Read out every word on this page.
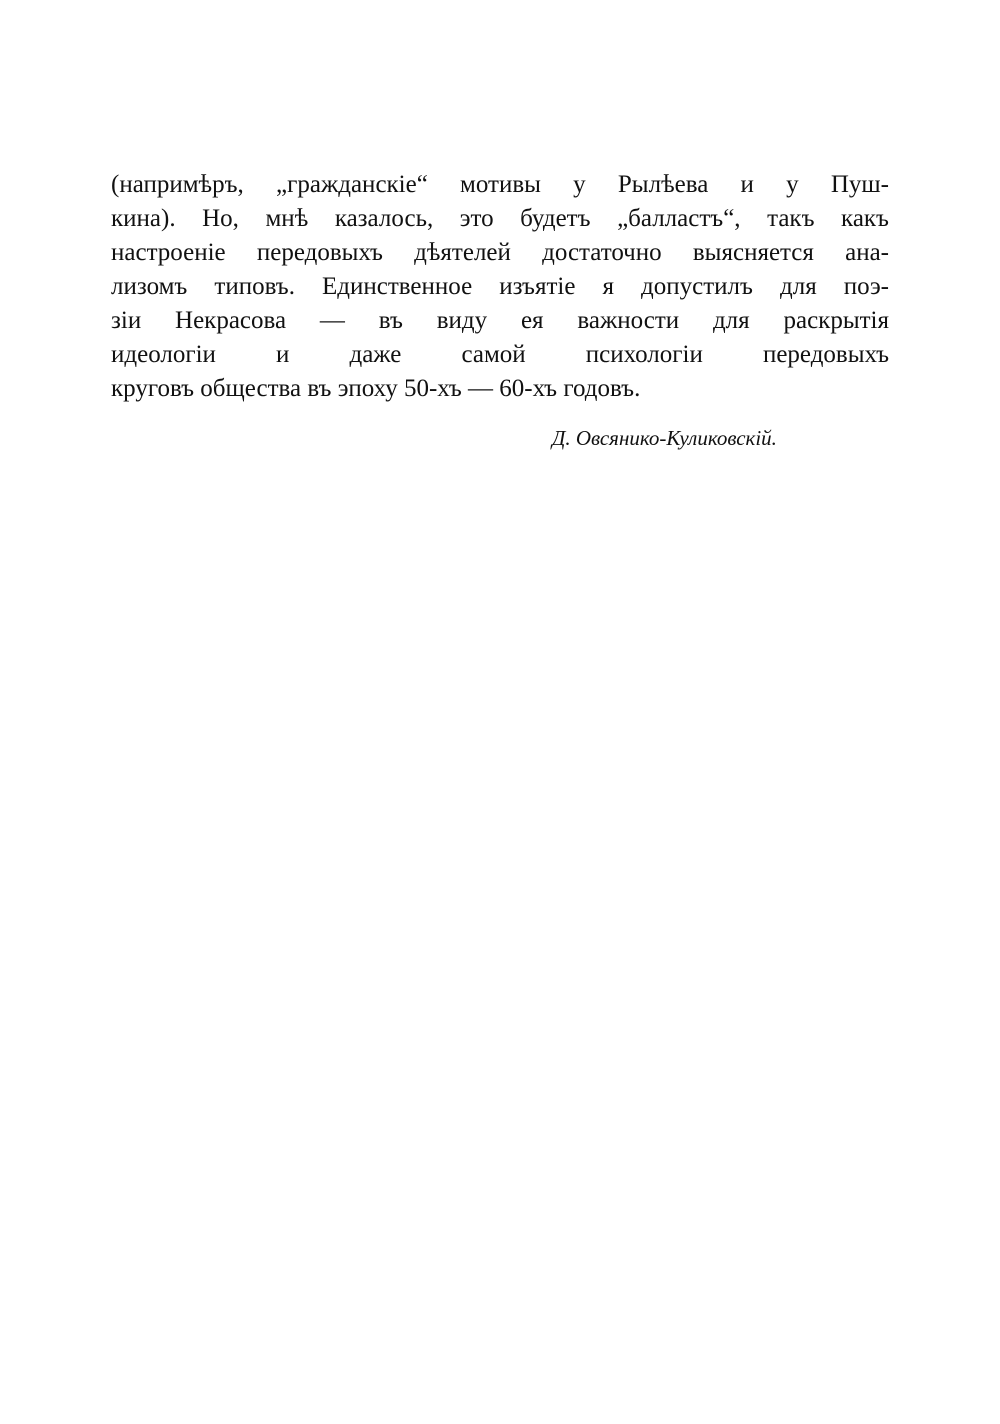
(напримѣръ, „гражданскіе“ мотивы у Рылѣева и у Пуш-
кина). Но, мнѣ казалось, это будетъ „балластъ“, такъ какъ
настроеніе передовыхъ дѣятелей достаточно выясняется ана-
лизомъ типовъ. Единственное изъятіе я допустилъ для поэ-
зіи Некрасова — въ виду ея важности для раскрытія
идеологіи и даже самой психологіи передовыхъ
круговъ общества въ эпоху 50-хъ — 60-хъ годовъ.
Д. Овсянико-Куликовскій.
